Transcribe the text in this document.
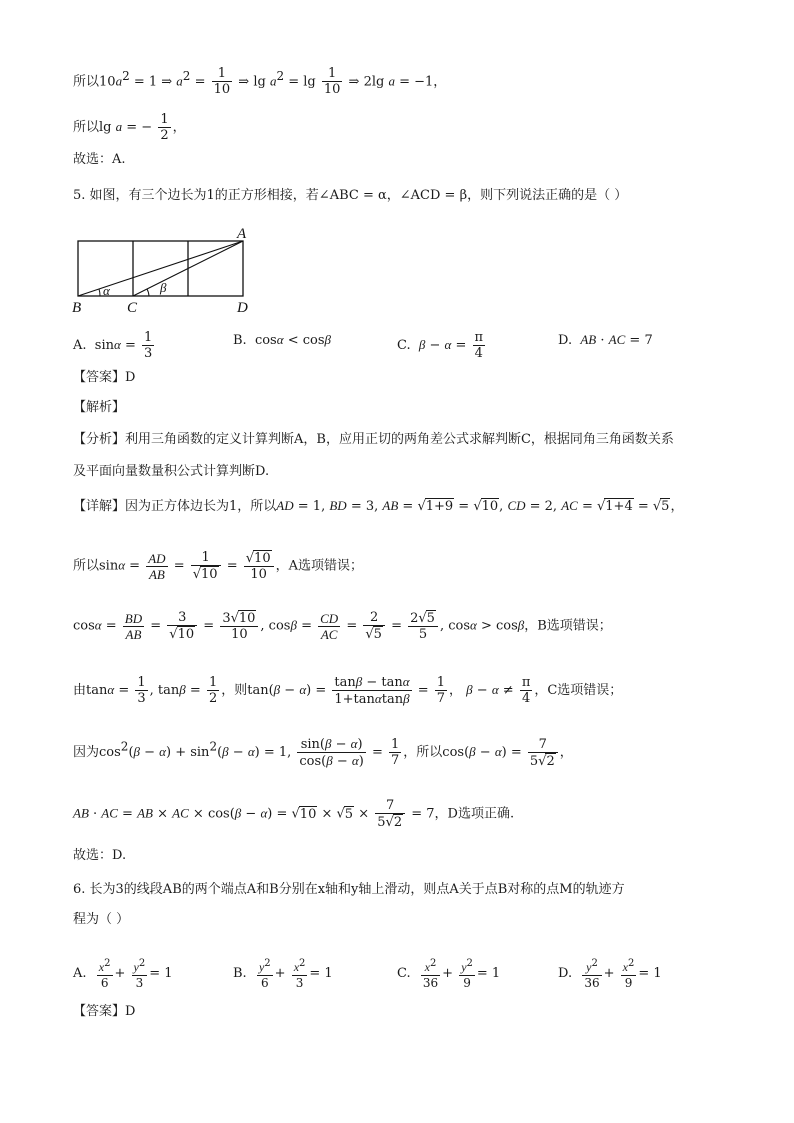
所以$10a^2 = 1$ ⇒ $a^2 = \frac{1}{10}$ ⇒ $\lg a^2 = \lg \frac{1}{10}$ ⇒ 2lg a = −1，
所以lg a = − $\frac{1}{2}$ ，
故选：A.
5. 如图，有三个边长为1的正方形相接，若∠ABC = α，∠ACD = β，则下列说法正确的是（ ）
A
B	C	D
α	β
A.  $\sin\alpha = \frac{1}{3}$	B.  cosα < cosβ	C. $\beta - \alpha = \frac{\pi}{4}$	D. AB · AC = 7
【答案】D
【解析】
【分析】利用三角函数的定义计算判断A，B，应用正切的两角差公式求解判断C，根据同角三角函数关系
及平面向量数量积公式计算判断D.
【详解】因为正方体边长为1，所以AD = 1, BD = 3, AB = √1+9 = √10, CD = 2, AC = √1+4 = √5，
所以$\sin\alpha = \frac{AD}{AB} = \frac{1}{√10} = \frac{√10}{10}$ ，A选项错误；
$\cos\alpha = \frac{BD}{AB} = \frac{3}{√10} = \frac{3√10}{10}$ , $\cos\beta = \frac{CD}{AC} = \frac{2}{√5} = \frac{2√5}{5}$ , cosα > cosβ，B选项错误；
由$\tan\alpha = \frac{1}{3}$ , $\tan\beta = \frac{1}{2}$ ，则$\tan(\beta - \alpha) = \frac{\tan\beta - \tan\alpha}{1+\tan\alpha\tan\beta} = \frac{1}{7}$ ， $\beta - \alpha \ne \frac{\pi}{4}$ ，C选项错误；
因为$\cos^2(\beta - \alpha) + \sin^2(\beta - \alpha) = 1$, $\frac{\sin(\beta - \alpha)}{\cos(\beta - \alpha)} = \frac{1}{7}$ ，所以$\cos(\beta - \alpha) = \frac{7}{5√2}$ ，
AB · AC = AB × AC × $\cos(\beta - \alpha) = √10 \times √5 \times \frac{7}{5√2} = 7$，D选项正确.
故选：D.
6. 长为3的线段AB的两个端点A和B分别在x轴和y轴上滑动，则点A关于点B对称的点M的轨迹方
程为（ ）
A. $\frac{x^2}{6} + \frac{y^2}{3} = 1$	B. $\frac{y^2}{6} + \frac{x^2}{3} = 1$	C. $\frac{x^2}{36} + \frac{y^2}{9} = 1$	D. $\frac{y^2}{36} + \frac{x^2}{9} = 1$
【答案】D
